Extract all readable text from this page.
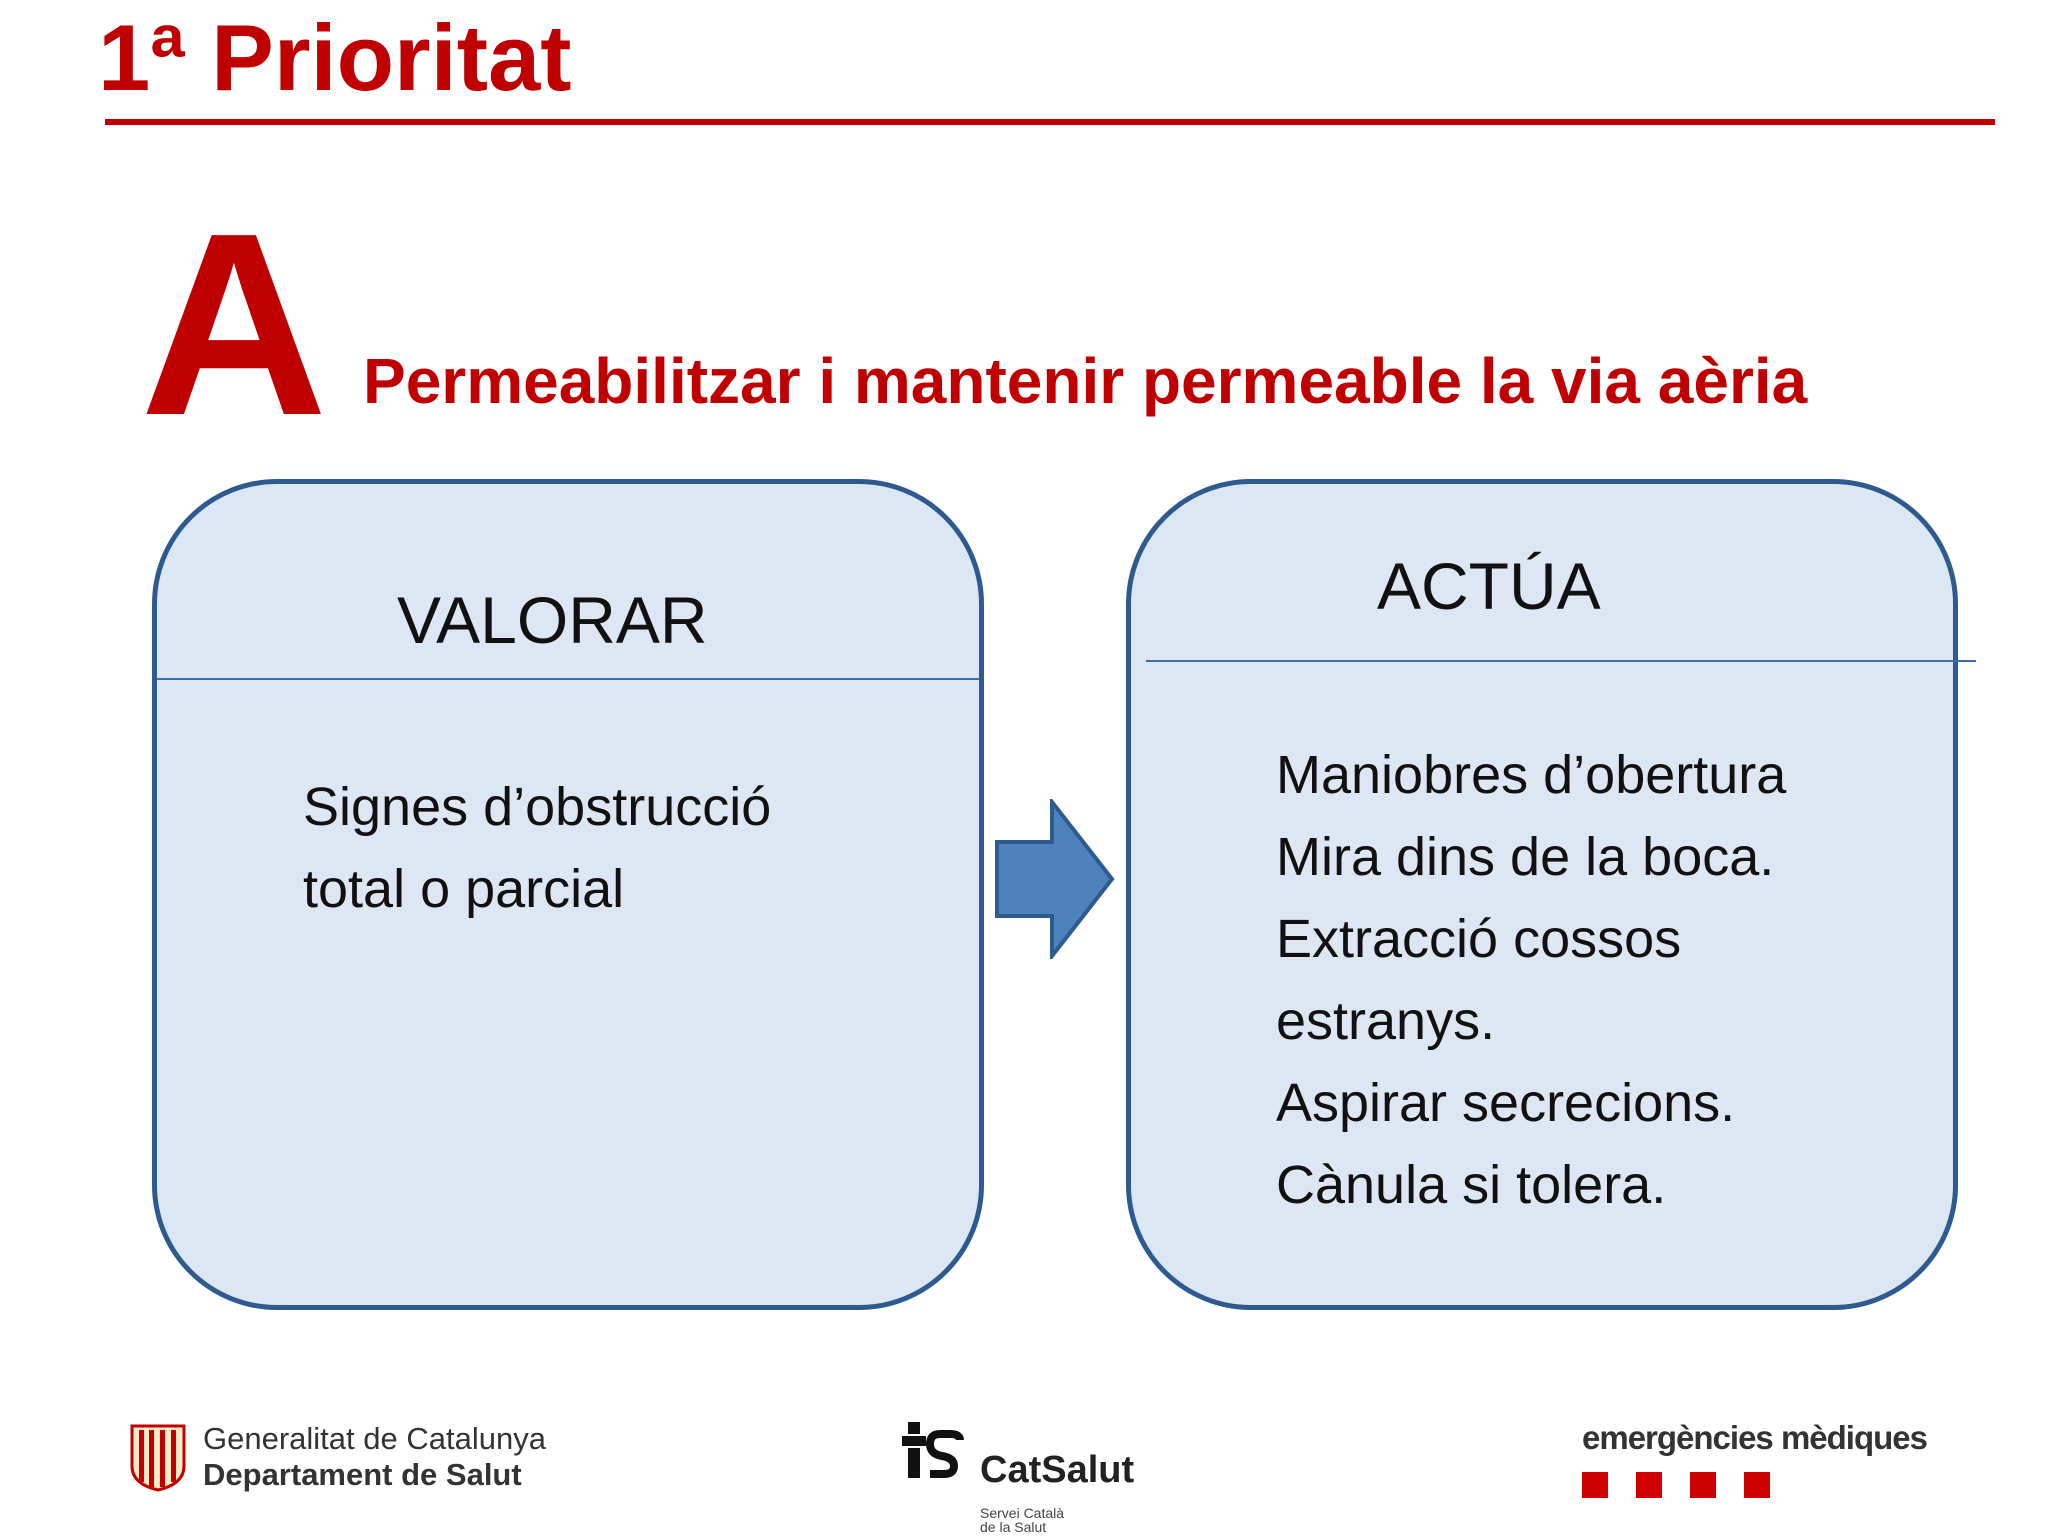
1ª Prioritat
A Permeabilitzar i mantenir permeable la via aèria
VALORAR
Signes d’obstrucció
total o parcial
ACTÚA
Maniobres d’obertura
Mira dins de la boca.
Extracció cossos
estranys.
Aspirar secrecions.
Cànula si tolera.
Generalitat de Catalunya
Departament de Salut	CatSalut
Servei Català
de la Salut
emergències mèdiques
